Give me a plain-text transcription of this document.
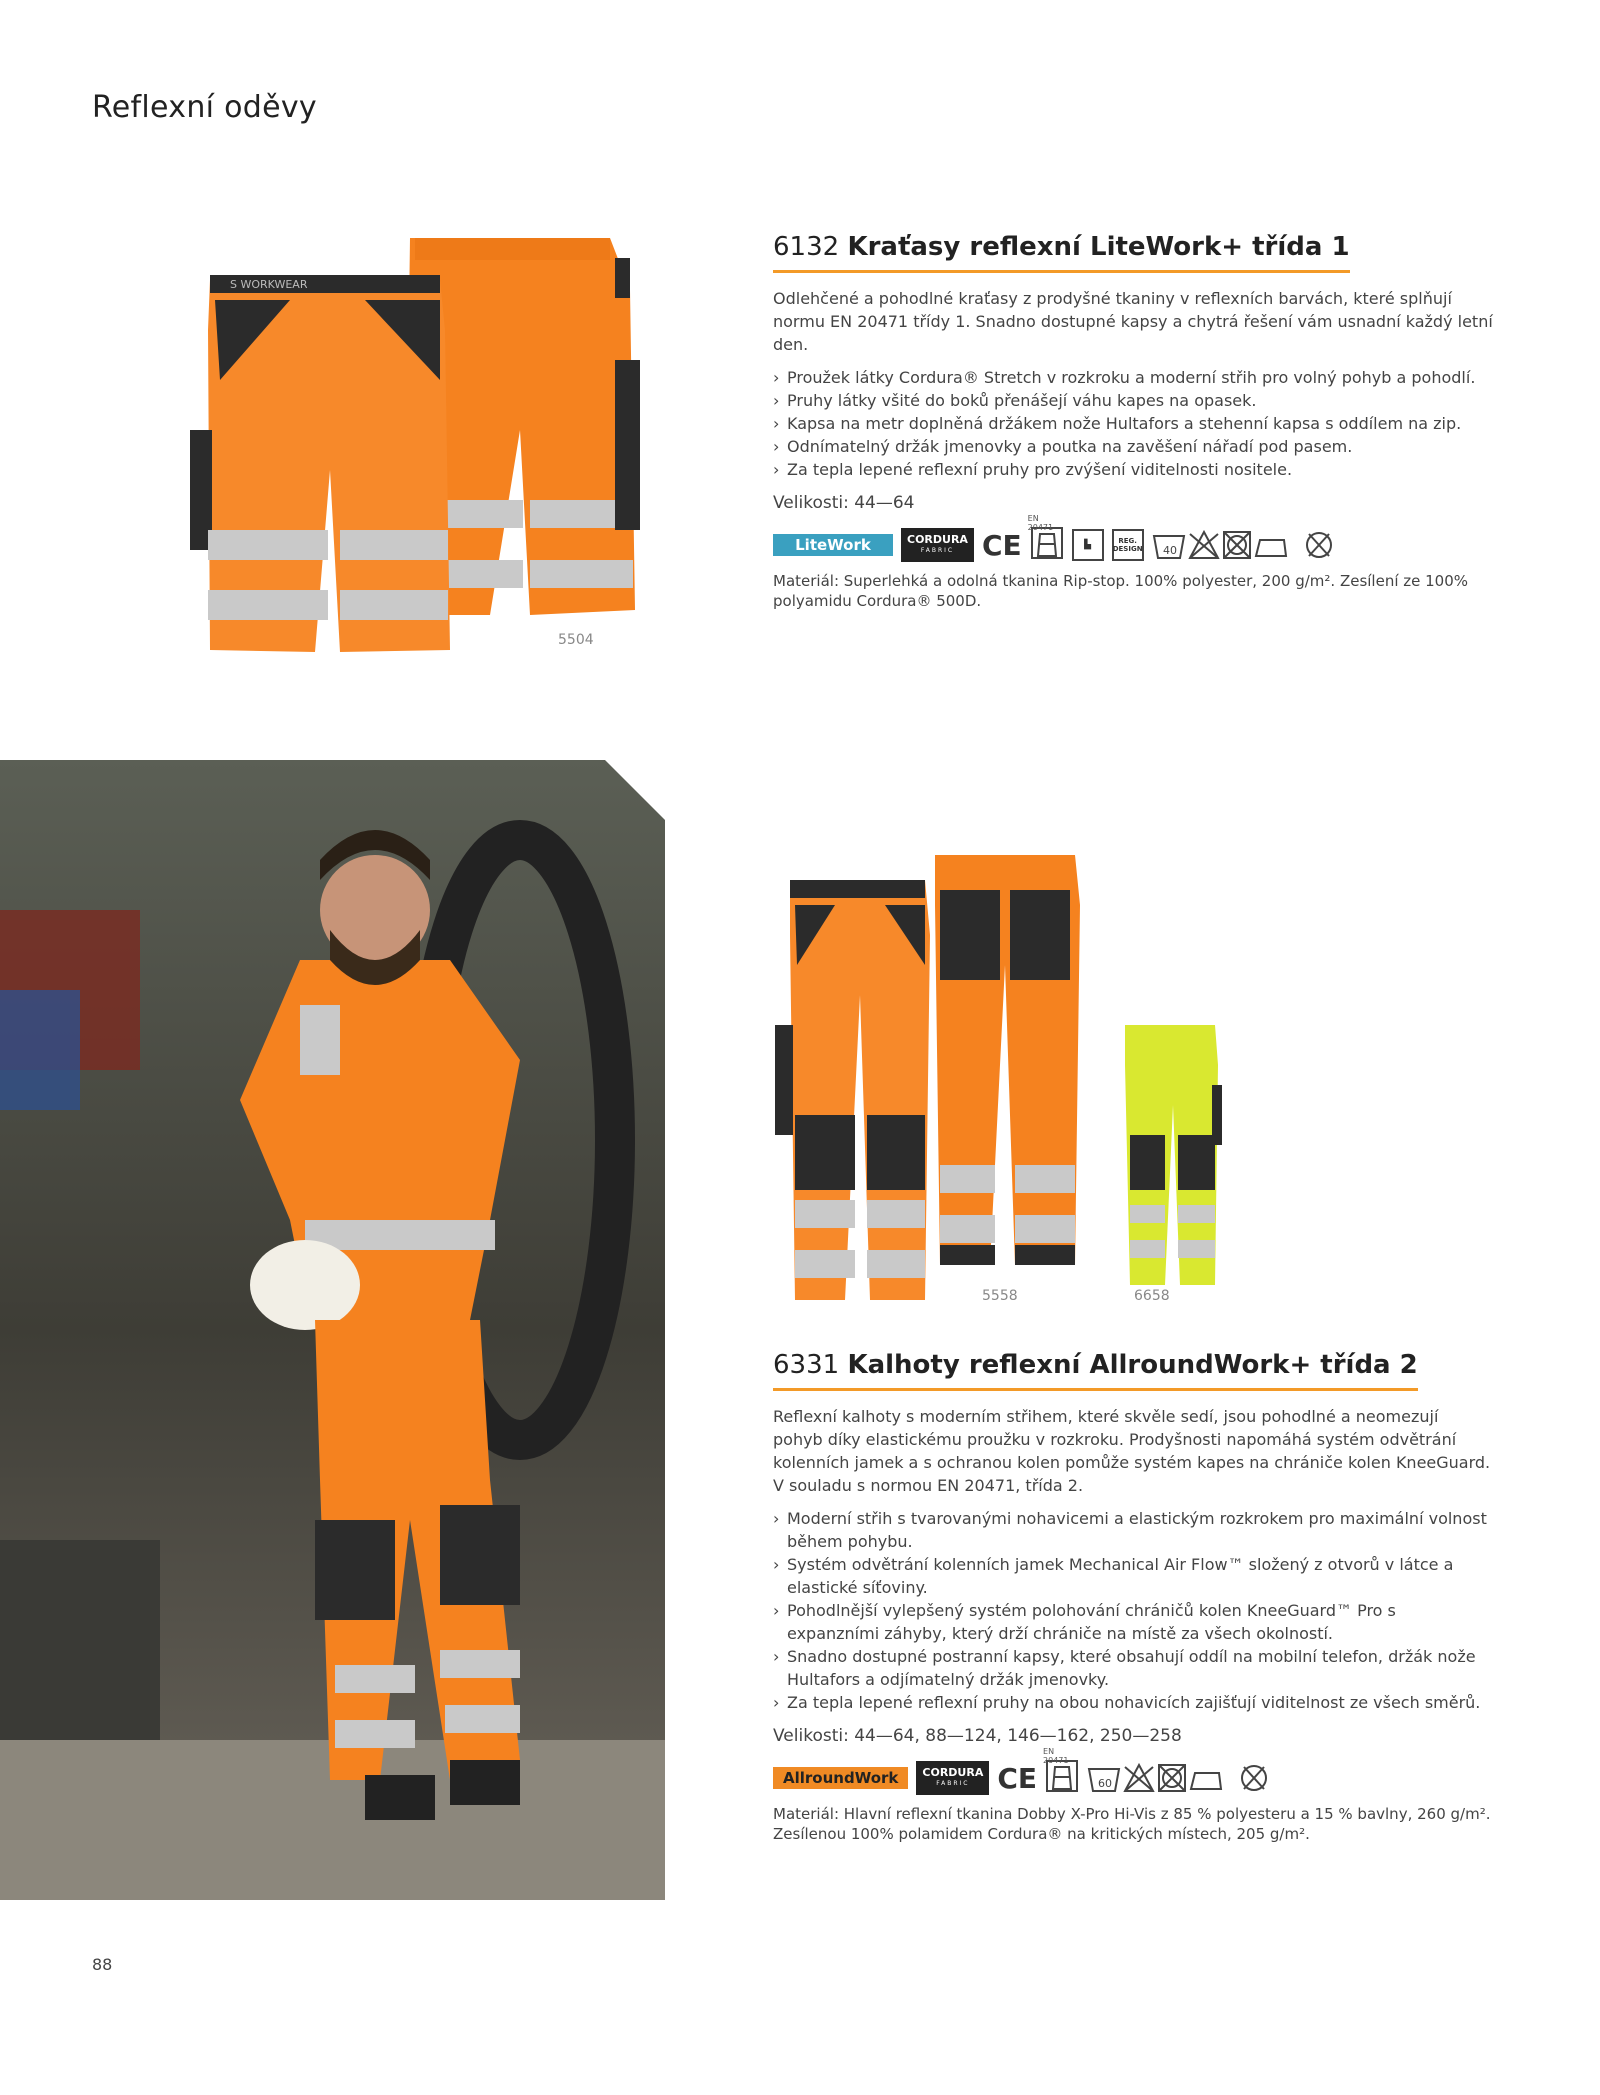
Reflexní oděvy
S WORKWEAR
5504
6132 Kraťasy reflexní LiteWork+ třída 1
Odlehčené a pohodlné kraťasy z prodyšné tkaniny v reflexních barvách, které splňují normu EN 20471 třídy 1. Snadno dostupné kapsy a chytrá řešení vám usnadní každý letní den.
› Proužek látky Cordura® Stretch v rozkroku a moderní střih pro volný pohyb a pohodlí.
› Pruhy látky všité do boků přenášejí váhu kapes na opasek.
› Kapsa na metr doplněná držákem nože Hultafors a stehenní kapsa s oddílem na zip.
› Odnímatelný držák jmenovky a poutka na zavěšení nářadí pod pasem.
› Za tepla lepené reflexní pruhy pro zvýšení viditelnosti nositele.
Velikosti: 44—64
LiteWork	CORDURA
FABRIC CE
EN 20471
▙	REG. DESIGN 40
Materiál: Superlehká a odolná tkanina Rip-stop. 100% polyester, 200 g/m². Zesílení ze 100% polyamidu Cordura® 500D.
5558	6658
6331 Kalhoty reflexní AllroundWork+ třída 2
Reflexní kalhoty s moderním střihem, které skvěle sedí, jsou pohodlné a neomezují pohyb díky elastickému proužku v rozkroku. Prodyšnosti napomáhá systém odvětrání kolenních jamek a s ochranou kolen pomůže systém kapes na chrániče kolen KneeGuard. V souladu s normou EN 20471, třída 2.
› Moderní střih s tvarovanými nohavicemi a elastickým rozkrokem pro maximální volnost během pohybu.
› Systém odvětrání kolenních jamek Mechanical Air Flow™ složený z otvorů v látce a elastické síťoviny.
› Pohodlnější vylepšený systém polohování chráničů kolen KneeGuard™ Pro s expanzními záhyby, který drží chrániče na místě za všech okolností.
› Snadno dostupné postranní kapsy, které obsahují oddíl na mobilní telefon, držák nože Hultafors a odjímatelný držák jmenovky.
› Za tepla lepené reflexní pruhy na obou nohavicích zajišťují viditelnost ze všech směrů.
Velikosti: 44—64, 88—124, 146—162, 250—258
AllroundWork	CORDURA
FABRIC CE
EN 20471
60
Materiál: Hlavní reflexní tkanina Dobby X-Pro Hi-Vis z 85 % polyesteru a 15 % bavlny, 260 g/m². Zesílenou 100% polamidem Cordura® na kritických místech, 205 g/m².
88
